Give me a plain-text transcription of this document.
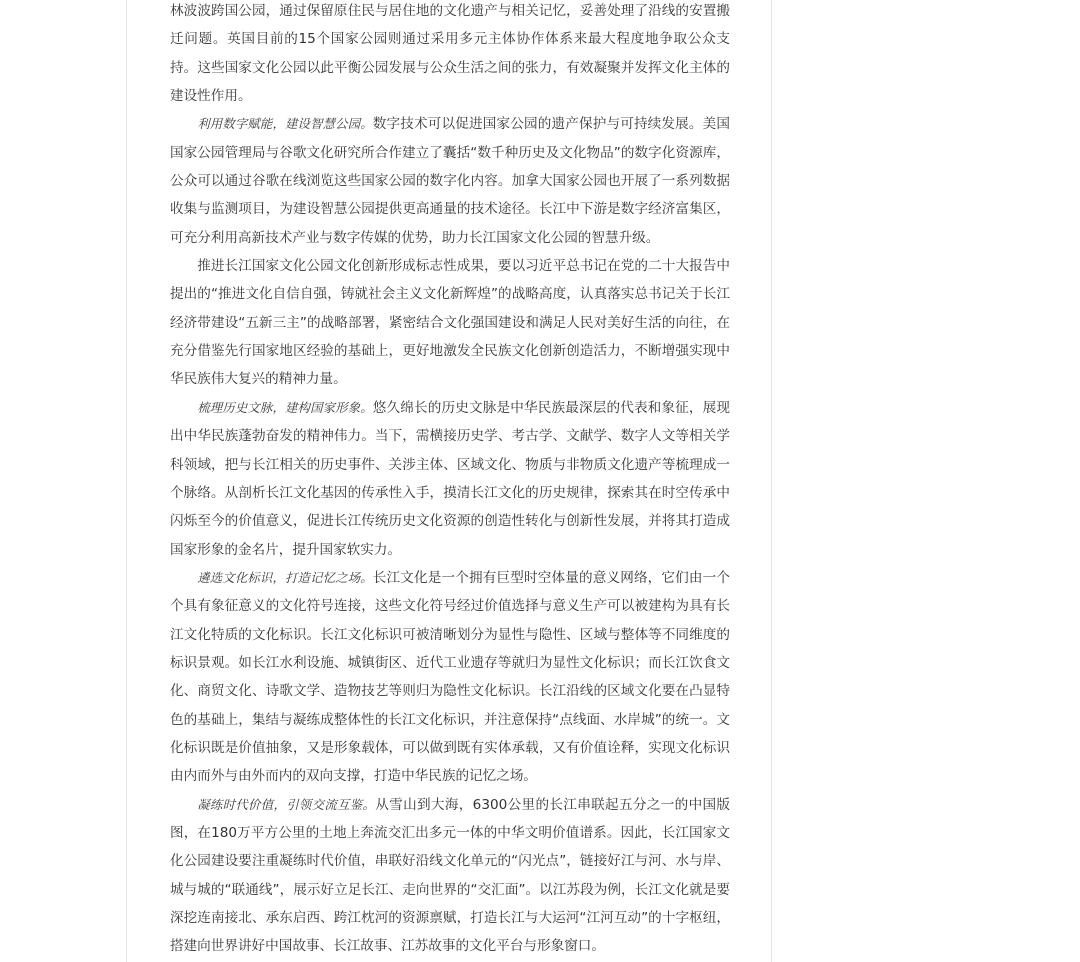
林波波跨国公园，通过保留原住民与居住地的文化遗产与相关记忆，妥善处理了沿线的安置搬迁问题。英国目前的15个国家公园则通过采用多元主体协作体系来最大程度地争取公众支持。这些国家文化公园以此平衡公园发展与公众生活之间的张力，有效凝聚并发挥文化主体的建设性作用。

利用数字赋能，建设智慧公园。数字技术可以促进国家公园的遗产保护与可持续发展。美国国家公园管理局与谷歌文化研究所合作建立了囊括“数千种历史及文化物品”的数字化资源库，公众可以通过谷歌在线浏览这些国家公园的数字化内容。加拿大国家公园也开展了一系列数据收集与监测项目，为建设智慧公园提供更高通量的技术途径。长江中下游是数字经济富集区，可充分利用高新技术产业与数字传媒的优势，助力长江国家文化公园的智慧升级。

推进长江国家文化公园文化创新形成标志性成果，要以习近平总书记在党的二十大报告中提出的“推进文化自信自强，铸就社会主义文化新辉煌”的战略高度，认真落实总书记关于长江经济带建设“五新三主”的战略部署，紧密结合文化强国建设和满足人民对美好生活的向往，在充分借鉴先行国家地区经验的基础上，更好地激发全民族文化创新创造活力，不断增强实现中华民族伟大复兴的精神力量。

梳理历史文脉，建构国家形象。悠久绵长的历史文脉是中华民族最深层的代表和象征，展现出中华民族蓬勃奋发的精神伟力。当下，需横接历史学、考古学、文献学、数字人文等相关学科领域，把与长江相关的历史事件、关涉主体、区域文化、物质与非物质文化遗产等梳理成一个脉络。从剖析长江文化基因的传承性入手，摸清长江文化的历史规律，探索其在时空传承中闪烁至今的价值意义，促进长江传统历史文化资源的创造性转化与创新性发展，并将其打造成国家形象的金名片，提升国家软实力。

遴选文化标识，打造记忆之场。长江文化是一个拥有巨型时空体量的意义网络，它们由一个个具有象征意义的文化符号连接，这些文化符号经过价值选择与意义生产可以被建构为具有长江文化特质的文化标识。长江文化标识可被清晰划分为显性与隐性、区域与整体等不同维度的标识景观。如长江水利设施、城镇街区、近代工业遗存等就归为显性文化标识；而长江饮食文化、商贸文化、诗歌文学、造物技艺等则归为隐性文化标识。长江沿线的区域文化要在凸显特色的基础上，集结与凝练成整体性的长江文化标识，并注意保持“点线面、水岸城”的统一。文化标识既是价值抽象，又是形象载体，可以做到既有实体承载，又有价值诠释，实现文化标识由内而外与由外而内的双向支撑，打造中华民族的记忆之场。

凝练时代价值，引领交流互鉴。从雪山到大海，6300公里的长江串联起五分之一的中国版图，在180万平方公里的土地上奔流交汇出多元一体的中华文明价值谱系。因此，长江国家文化公园建设要注重凝练时代价值，串联好沿线文化单元的“闪光点”，链接好江与河、水与岸、城与城的“联通线”，展示好立足长江、走向世界的“交汇面”。以江苏段为例，长江文化就是要深挖连南接北、承东启西、跨江枕河的资源禀赋，打造长江与大运河“江河互动”的十字枢纽，搭建向世界讲好中国故事、长江故事、江苏故事的文化平台与形象窗口。
